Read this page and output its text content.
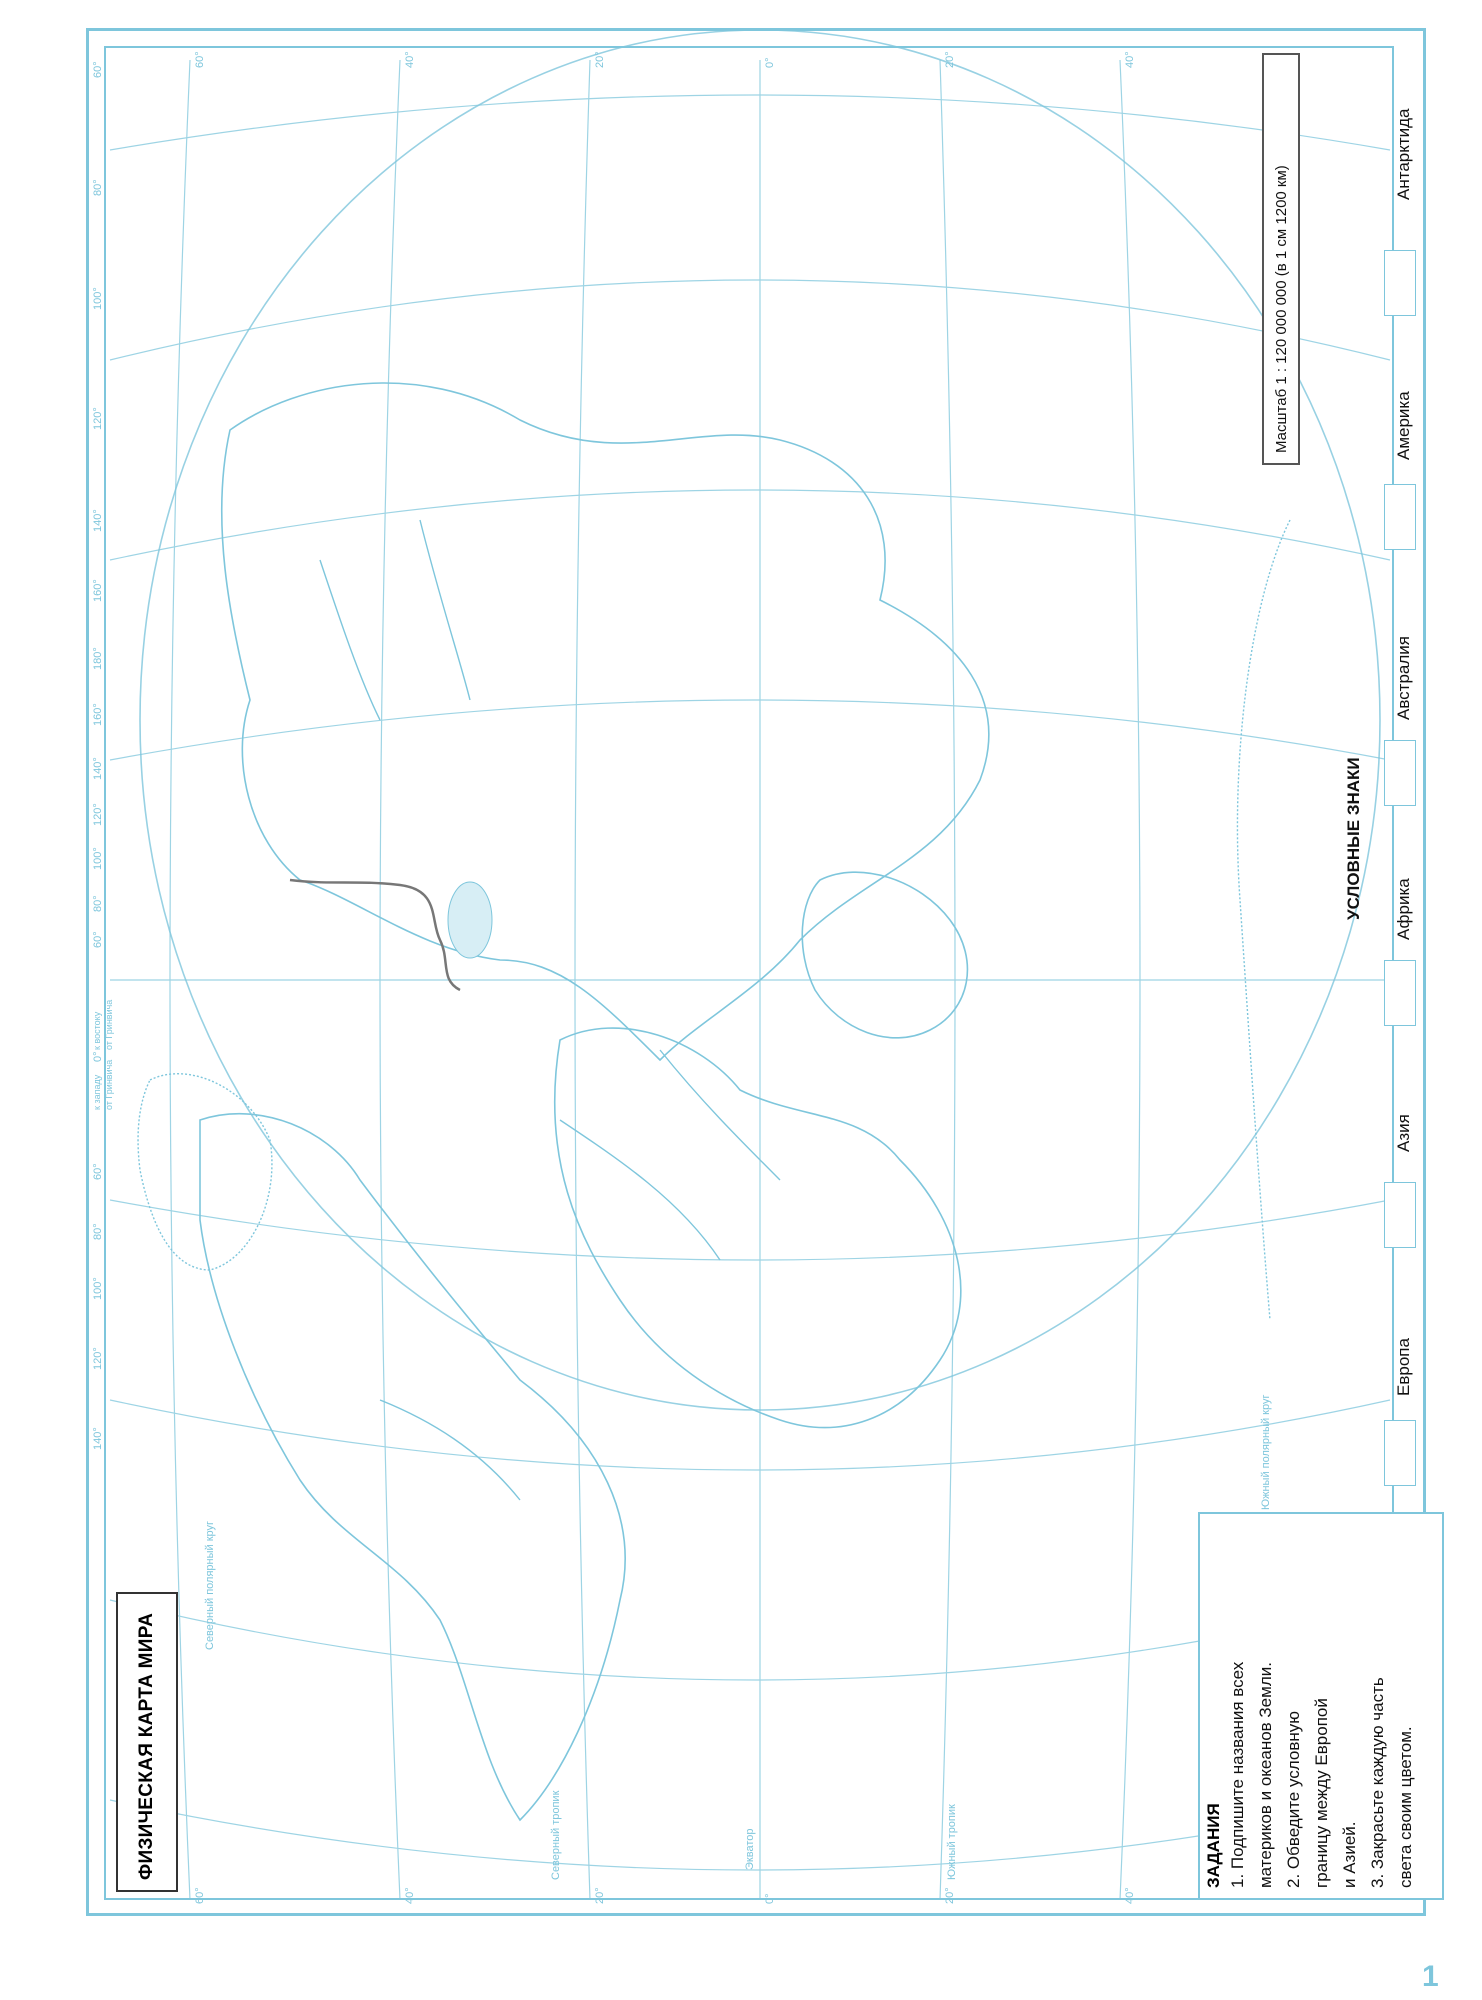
60°	40°	20°	0°	20°	40°
60°	40°	20°	0°	20°	40°
140°
120°
100°
80°
60°
0°
60°
80°
100°
120°
140°
160°
180°
160°
140°
120°
100°
80°
60°
к западу от Гринвича
к востоку от Гринвича
Северный полярный круг
Северный тропик	Экватор	Южный тропик
Южный полярный круг
ФИЗИЧЕСКАЯ КАРТА МИРА	ЗАДАНИЯ 1. Подпишите названия всех материков и океанов Земли. 2. Обведите условную границу между Европой и Азией. 3. Закрасьте каждую часть света своим цветом.
УСЛОВНЫЕ ЗНАКИ
Европа
Азия
Африка
Австралия
Америка
Антарктида
Масштаб 1 : 120 000 000 (в 1 см 1200 км)
1
